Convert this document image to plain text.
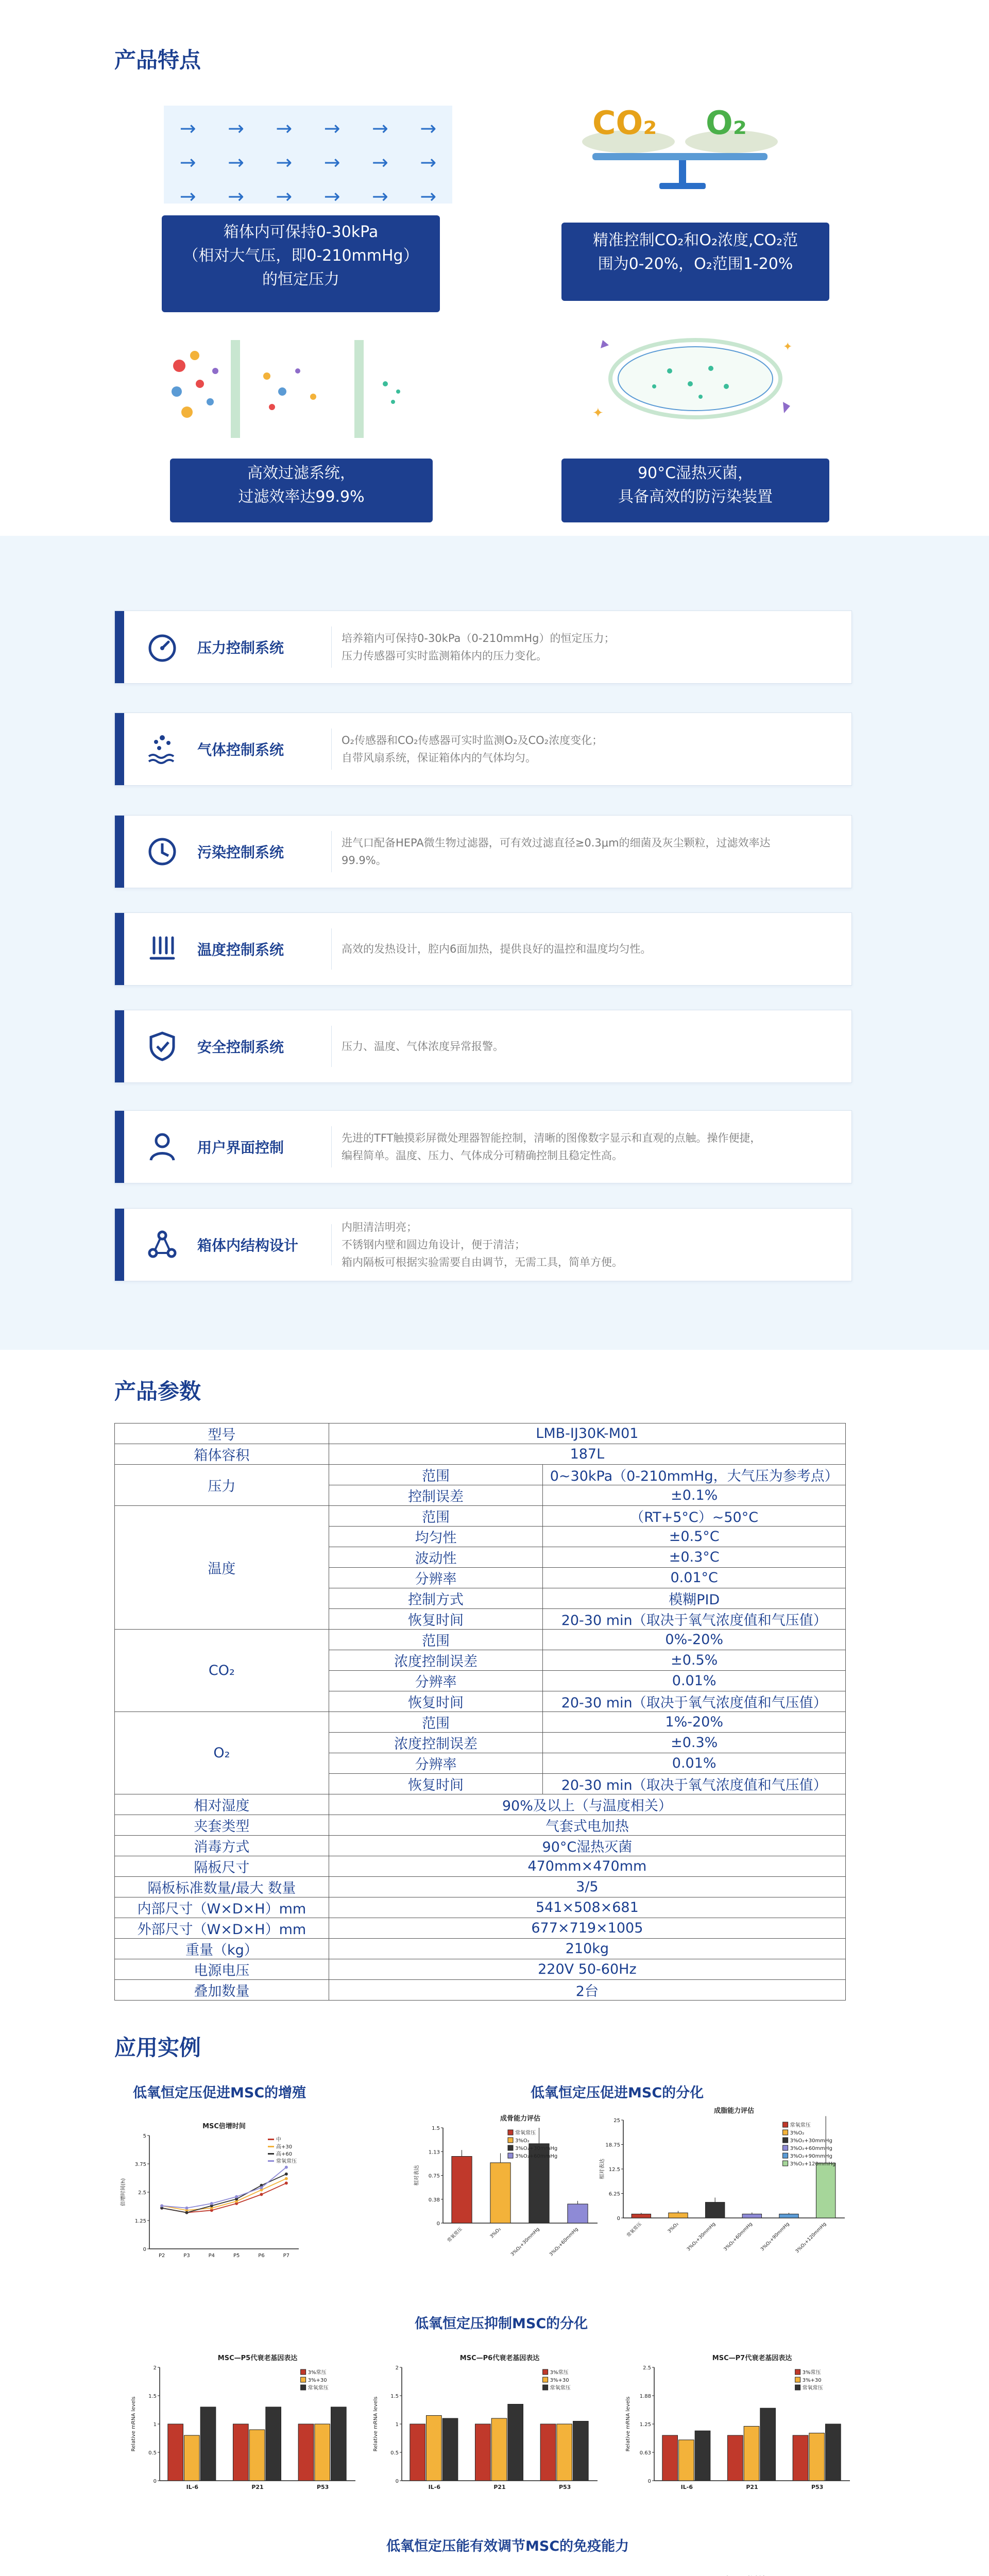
产品特点
→ → → → → →
→ → → → → →
→ → → → → →
箱体内可保持0-30kPa
（相对大气压，即0-210mmHg）
的恒定压力
CO₂ O₂
精准控制CO₂和O₂浓度,CO₂范
围为0-20%，O₂范围1-20%
高效过滤系统，
过滤效率达99.9%
✦
✦
90°C湿热灭菌，
具备高效的防污染装置
压力控制系统
培养箱内可保持0-30kPa（0-210mmHg）的恒定压力；
压力传感器可实时监测箱体内的压力变化。
气体控制系统
O₂传感器和CO₂传感器可实时监测O₂及CO₂浓度变化；
自带风扇系统，保证箱体内的气体均匀。
污染控制系统
进气口配备HEPA微生物过滤器，可有效过滤直径≥0.3μm的细菌及灰尘颗粒，过滤效率达
99.9%。
温度控制系统	高效的发热设计，腔内6面加热，提供良好的温控和温度均匀性。
安全控制系统	压力、温度、气体浓度异常报警。
用户界面控制
先进的TFT触摸彩屏微处理器智能控制，清晰的图像数字显示和直观的点触。操作便捷，
编程简单。温度、压力、气体成分可精确控制且稳定性高。
箱体内结构设计
内胆清洁明亮；
不锈钢内壁和圆边角设计，便于清洁；
箱内隔板可根据实验需要自由调节，无需工具，简单方便。
产品参数
型号	LMB-IJ30K-M01	
箱体容积	187L	
压力	范围	0~30kPa（0-210mmHg，大气压为参考点）
	控制误差	±0.1%
温度	范围	（RT+5°C）~50°C
	均匀性	±0.5°C
	波动性	±0.3°C
	分辨率	0.01°C
	控制方式	模糊PID
	恢复时间	20-30 min（取决于氧气浓度值和气压值）
CO₂	范围	0%-20%
	浓度控制误差	±0.5%
	分辨率	0.01%
	恢复时间	20-30 min（取决于氧气浓度值和气压值）
O₂	范围	1%-20%
	浓度控制误差	±0.3%
	分辨率	0.01%
	恢复时间	20-30 min（取决于氧气浓度值和气压值）
相对湿度	90%及以上（与温度相关）	
夹套类型	气套式电加热	
消毒方式	90°C湿热灭菌	
隔板尺寸	470mm×470mm	
隔板标准数量/最大 数量	3/5	
内部尺寸（W×D×H）mm	541×508×681	
外部尺寸（W×D×H）mm	677×719×1005	
重量（kg）	210kg	
电源电压	220V 50-60Hz	
叠加数量	2台	
应用实例
低氧恒定压促进MSC的增殖	低氧恒定压促进MSC的分化
低氧恒定压抑制MSC的分化
低氧恒定压能有效调节MSC的免疫能力
MSC倍增时间
倍增时间(h)
0
1.25
2.5
3.75
5
P2	P3	P4	P5	P6	P7
中
高+30
高+60
常氧常压
成骨能力评估
相对表达
0
0.38
0.75
1.13
1.5
常氧常压	3%O₂ 3%O₂+30mmHg 3%O₂+60mmHg
常氧常压
3%O₂
3%O₂+30mmHg
3%O₂+60mmHg
成脂能力评估
相对表达
0
6.25
12.5
18.75
25
常氧常压	3%O₂ 3%O₂+30mmHg 3%O₂+60mmHg 3%O₂+90mmHg 3%O₂+120mmHg
常氧常压
3%O₂
3%O₂+30mmHg
3%O₂+60mmHg
3%O₂+90mmHg
3%O₂+120mmHg
MSC—P5代衰老基因表达
Relative mRNA levels
0
0.5
1
1.5
2
IL-6	P21	P53
3%常压
3%+30
常氧常压
MSC—P6代衰老基因表达
Relative mRNA levels
0
0.5
1
1.5
2
IL-6	P21	P53
3%常压
3%+30
常氧常压
MSC—P7代衰老基因表达
Relative mRNA levels
0
0.63
1.25
1.88
2.5
IL-6	P21	P53
3%常压
3%+30
常氧常压
